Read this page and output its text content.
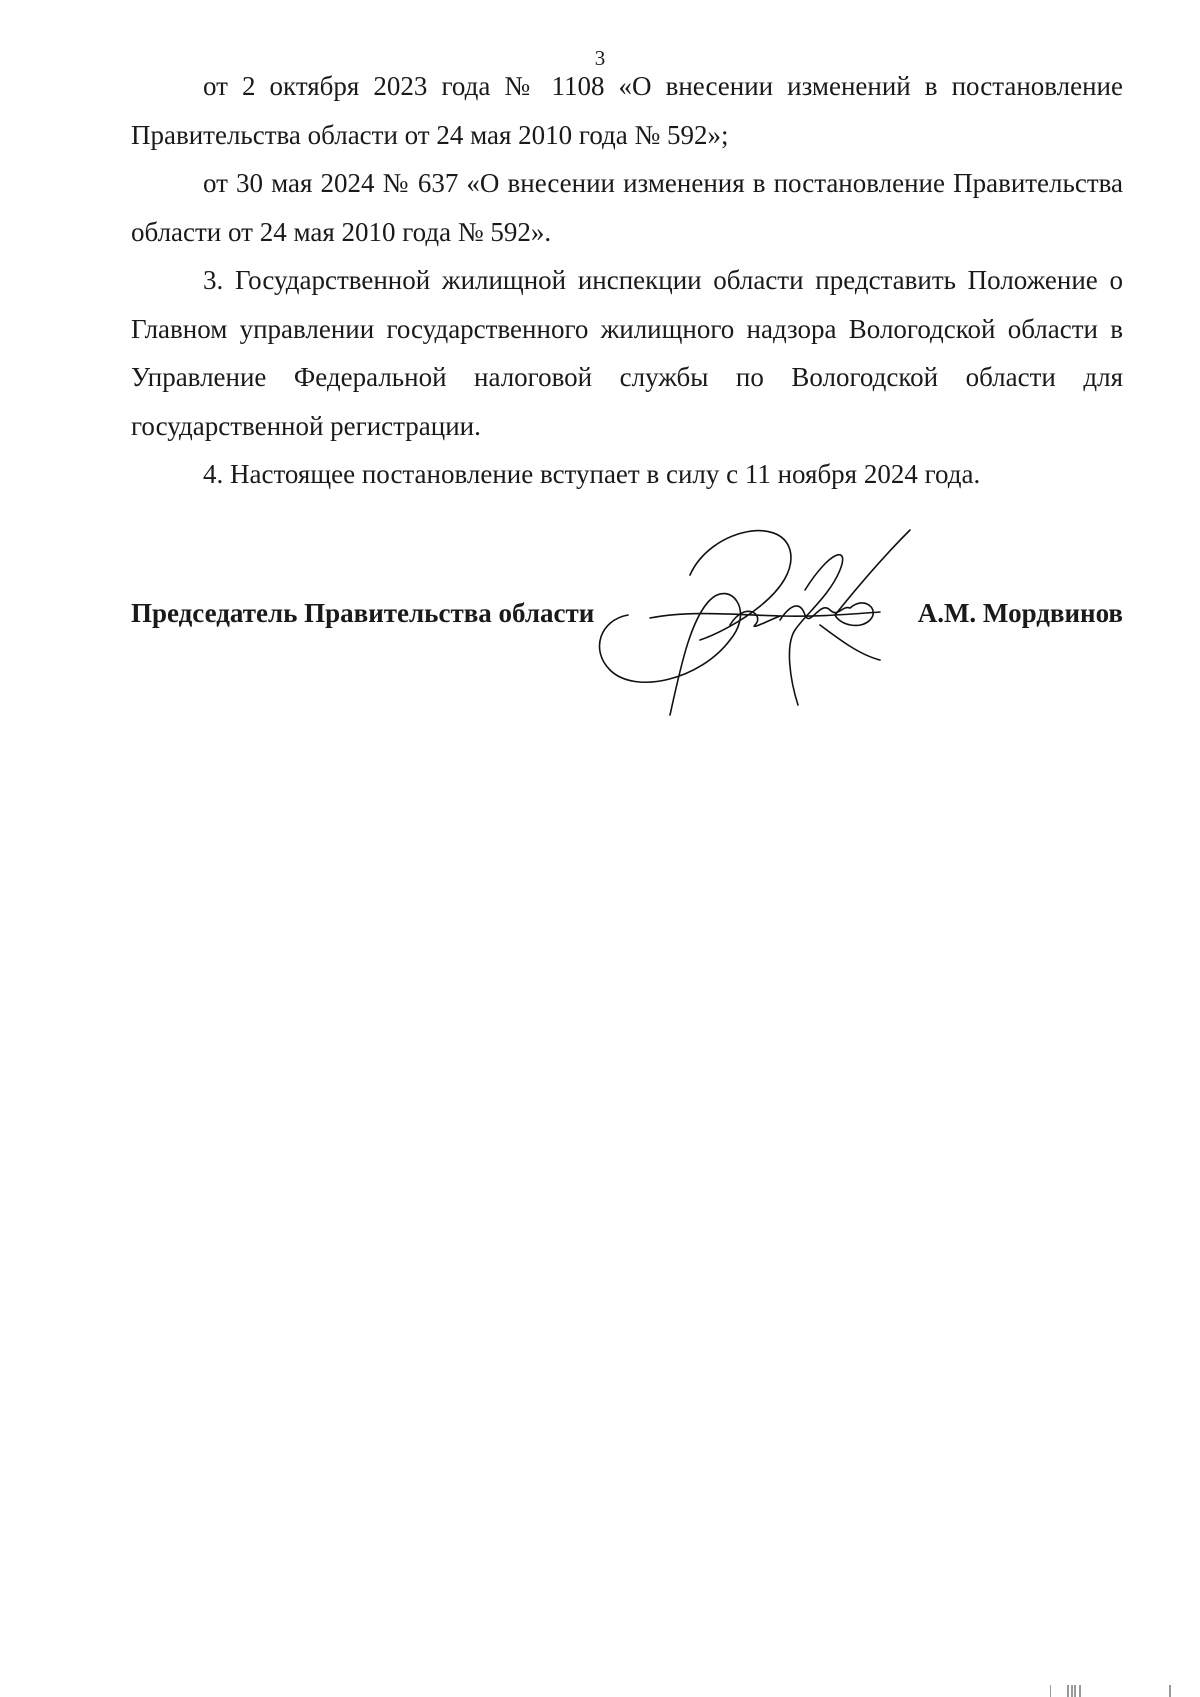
3

от 2 октября 2023 года № 1108 «О внесении изменений в постановление Правительства области от 24 мая 2010 года № 592»;

от 30 мая 2024 № 637 «О внесении изменения в постановление Правительства области от 24 мая 2010 года № 592».

3. Государственной жилищной инспекции области представить Положение о Главном управлении государственного жилищного надзора Вологодской области в Управление Федеральной налоговой службы по Вологодской области для государственной регистрации.

4. Настоящее постановление вступает в силу с 11 ноября 2024 года.

Председатель Правительства области	А.М. Мордвинов
